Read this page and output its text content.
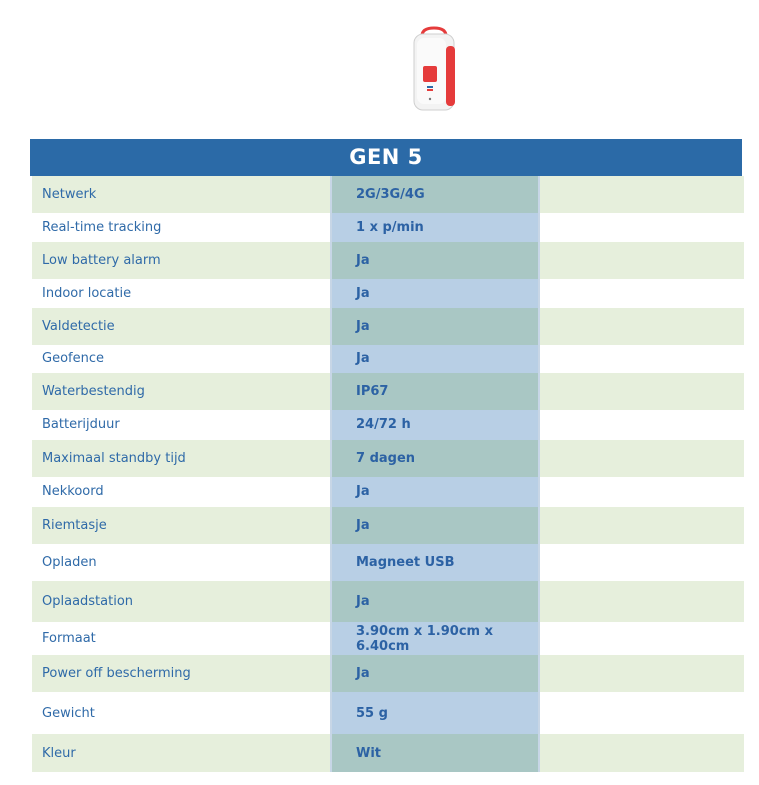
GEN 5
Netwerk	2G/3G/4G
Real-time tracking	1 x p/min
Low battery alarm	Ja
Indoor locatie	Ja
Valdetectie	Ja
Geofence	Ja
Waterbestendig	IP67
Batterijduur	24/72 h
Maximaal standby tijd	7 dagen
Nekkoord	Ja
Riemtasje	Ja
Opladen	Magneet USB
Oplaadstation	Ja
Formaat	3.90cm x 1.90cm x 6.40cm
Power off bescherming	Ja
Gewicht	55 g
Kleur	Wit
